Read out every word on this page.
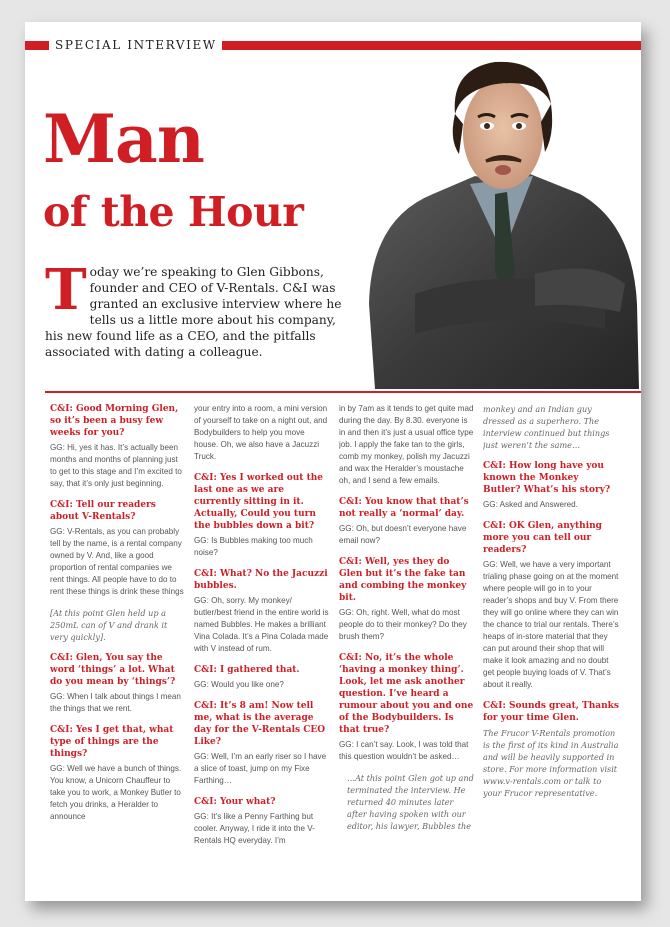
SPECIAL INTERVIEW
Man
of the Hour
Today we’re speaking to Glen Gibbons, founder and CEO of V-Rentals. C&I was granted an exclusive interview where he tells us a little more about his company, his new found life as a CEO, and the pitfalls associated with dating a colleague.

C&I: Good Morning Glen, so it’s been a busy few weeks for you?

GG: Hi, yes it has. It’s actually been months and months of planning just to get to this stage and I’m excited to say, that it’s only just beginning.

C&I: Tell our readers about V-Rentals?

GG: V-Rentals, as you can probably tell by the name, is a rental company owned by V. And, like a good proportion of rental companies we rent things. All people have to do to rent these things is drink these things

[At this point Glen held up a 250mL can of V and drank it very quickly].

C&I: Glen, You say the word ‘things’ a lot. What do you mean by ‘things’?

GG: When I talk about things I mean the things that we rent.

C&I: Yes I get that, what type of things are the things?

GG: Well we have a bunch of things. You know, a Unicorn Chauffeur to take you to work, a Monkey Butler to fetch you drinks, a Heralder to announce

your entry into a room, a mini version of yourself to take on a night out, and Bodybuilders to help you move house. Oh, we also have a Jacuzzi Truck.

C&I: Yes I worked out the last one as we are currently sitting in it. Actually, Could you turn the bubbles down a bit?

GG: Is Bubbles making too much noise?

C&I: What? No the Jacuzzi bubbles.

GG: Oh, sorry. My monkey/ butler/best friend in the entire world is named Bubbles. He makes a brilliant Vina Colada. It’s a Pina Colada made with V instead of rum.

C&I: I gathered that.

GG: Would you like one?

C&I: It’s 8 am! Now tell me, what is the average day for the V-Rentals CEO Like?

GG: Well, I’m an early riser so I have a slice of toast, jump on my Fixe Farthing…

C&I: Your what?

GG: It’s like a Penny Farthing but cooler. Anyway, I ride it into the V-Rentals HQ everyday. I’m

in by 7am as it tends to get quite mad during the day. By 8.30. everyone is in and then it’s just a usual office type job. I apply the fake tan to the girls, comb my monkey, polish my Jacuzzi and wax the Heralder’s moustache oh, and I send a few emails.

C&I: You know that that’s not really a ‘normal’ day.

GG: Oh, but doesn’t everyone have email now?

C&I: Well, yes they do Glen but it’s the fake tan and combing the monkey bit.

GG: Oh, right. Well, what do most people do to their monkey? Do they brush them?

C&I: No, it’s the whole ‘having a monkey thing’. Look, let me ask another question. I’ve heard a rumour about you and one of the Bodybuilders. Is that true?

GG: I can’t say. Look, I was told that this question wouldn’t be asked…

…At this point Glen got up and terminated the interview. He returned 40 minutes later after having spoken with our editor, his lawyer, Bubbles the

monkey and an Indian guy dressed as a superhero. The interview continued but things just weren’t the same…

C&I: How long have you known the Monkey Butler? What’s his story?

GG: Asked and Answered.

C&I: OK Glen, anything more you can tell our readers?

GG: Well, we have a very important trialing phase going on at the moment where people will go in to your reader’s shops and buy V. From there they will go online where they can win the chance to trial our rentals. There’s heaps of in-store material that they can put around their shop that will make it look amazing and no doubt get people buying loads of V. That’s about it really.

C&I: Sounds great, Thanks for your time Glen.

The Frucor V-Rentals promotion is the first of its kind in Australia and will be heavily supported in store. For more information visit www.v-rentals.com or talk to your Frucor representative.
